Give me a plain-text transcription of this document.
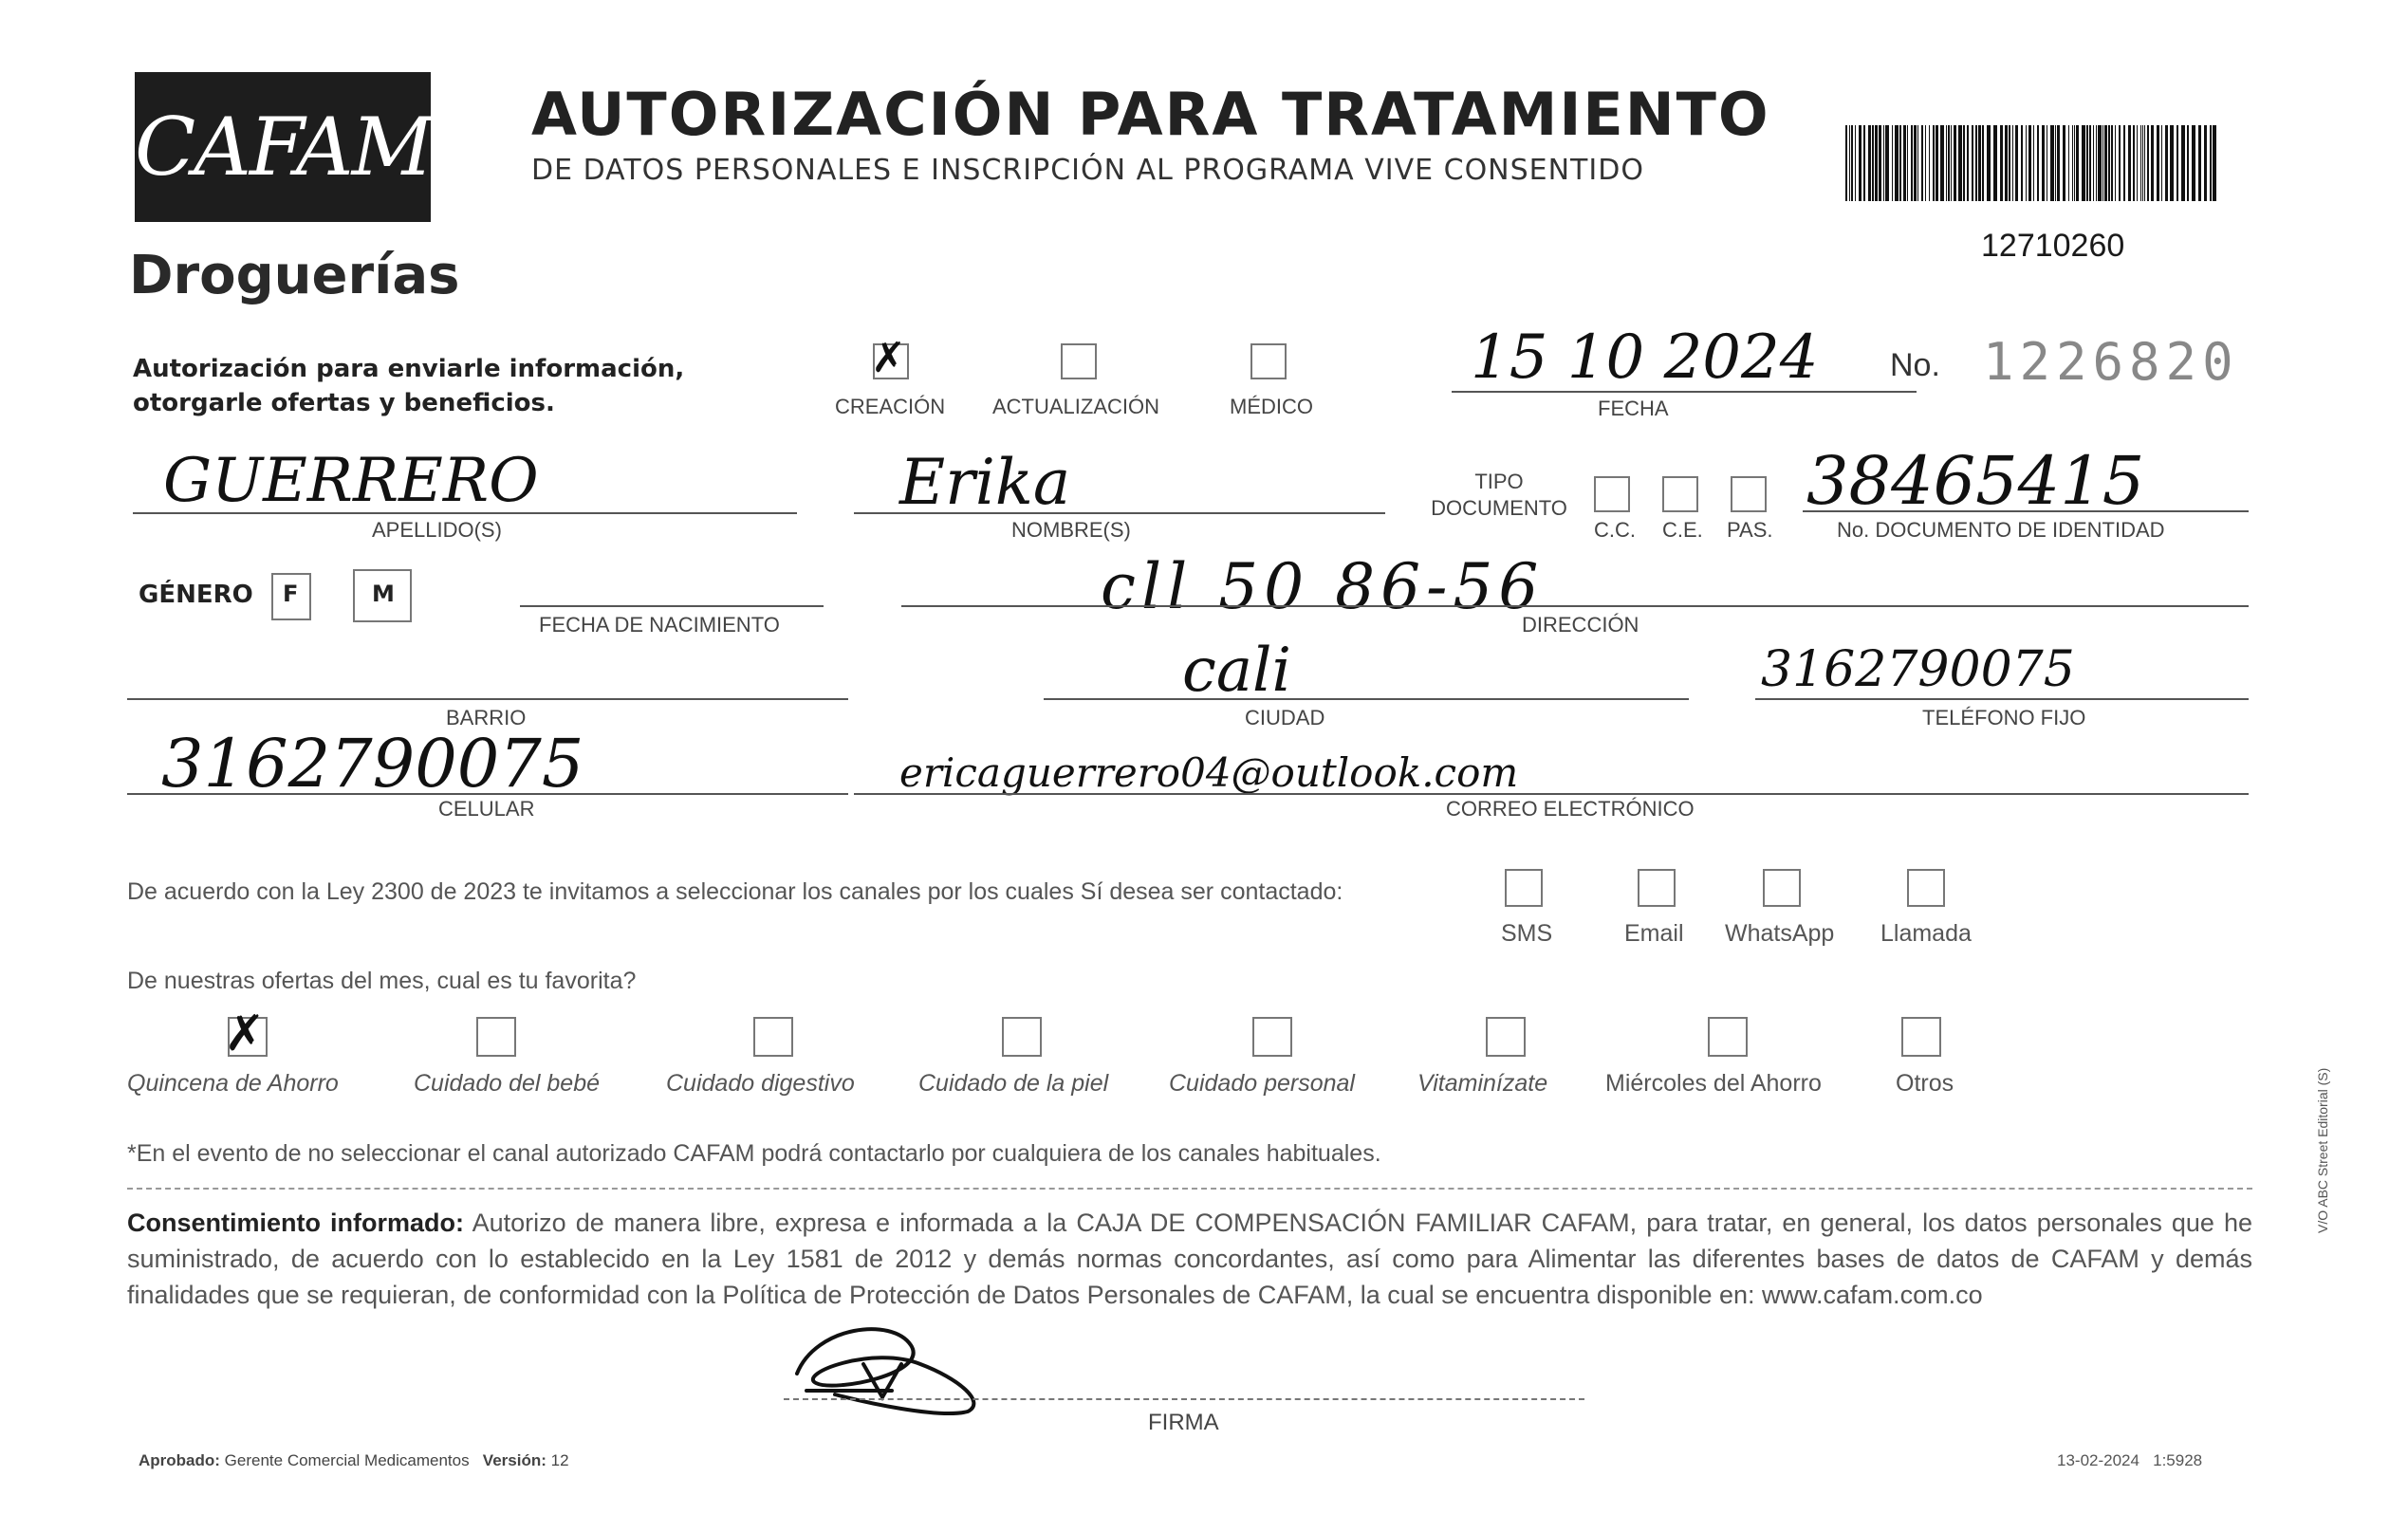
CAFAM
Droguerías
AUTORIZACIÓN PARA TRATAMIENTO
DE DATOS PERSONALES E INSCRIPCIÓN AL PROGRAMA VIVE CONSENTIDO
12710260
Autorización para enviarle información,
otorgarle ofertas y beneficios.
✗
CREACIÓN ACTUALIZACIÓN	MÉDICO
15 10 2024
FECHA
No. 1226820
GUERRERO
APELLIDO(S)
Erika
NOMBRE(S)
TIPO
DOCUMENTO
C.C. C.E. PAS.
38465415
No. DOCUMENTO DE IDENTIDAD
GÉNERO F	M
FECHA DE NACIMIENTO
cll 50 86-56
DIRECCIÓN
BARRIO
cali
CIUDAD
3162790075
TELÉFONO FIJO
3162790075
CELULAR
ericaguerrero04@outlook.com
CORREO ELECTRÓNICO
De acuerdo con la Ley 2300 de 2023 te invitamos a seleccionar los canales por los cuales Sí desea ser contactado:
SMS	Email WhatsApp Llamada
De nuestras ofertas del mes, cual es tu favorita?
✗
Quincena de Ahorro	Cuidado del bebé	Cuidado digestivo	Cuidado de la piel	Cuidado personal	Vitaminízate Miércoles del Ahorro	Otros
*En el evento de no seleccionar el canal autorizado CAFAM podrá contactarlo por cualquiera de los canales habituales.
Consentimiento informado: Autorizo de manera libre, expresa e informada a la CAJA DE COMPENSACIÓN FAMILIAR CAFAM, para tratar, en general, los datos personales que he suministrado, de acuerdo con lo establecido en la Ley 1581 de 2012 y demás normas concordantes, así como para Alimentar las diferentes bases de datos de CAFAM y demás finalidades que se requieran, de conformidad con la Política de Protección de Datos Personales de CAFAM, la cual se encuentra disponible en: www.cafam.com.co
FIRMA
Aprobado: Gerente Comercial Medicamentos Versión: 12	13-02-2024   1:5928
V/O ABC Street Editorial (S)
